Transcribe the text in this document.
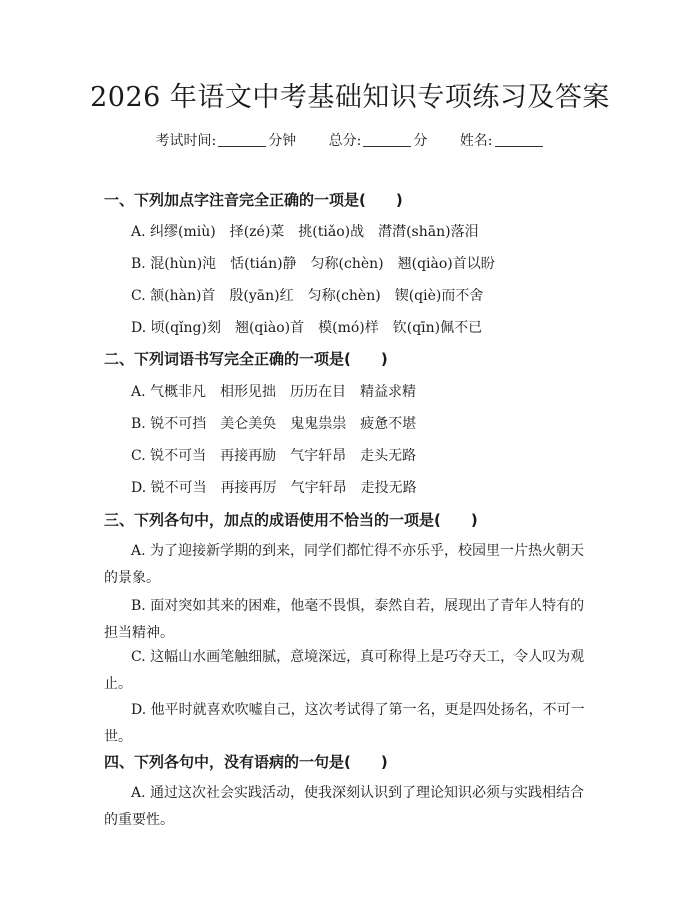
2026 年语文中考基础知识专项练习及答案
考试时间:	分钟 总分:	分 姓名:
一、下列加点字注音完全正确的一项是(　　)
A. 纠缪(miù)　择(zé)菜　挑(tiǎo)战　潸潸(shān)落泪
B. 混(hùn)沌　恬(tián)静　匀称(chèn)　翘(qiào)首以盼
C. 颔(hàn)首　殷(yān)红　匀称(chèn)　锲(qiè)而不舍
D. 顷(qǐng)刻　翘(qiào)首　模(mó)样　钦(qīn)佩不已
二、下列词语书写完全正确的一项是(　　)
A. 气概非凡　相形见拙　历历在目　精益求精
B. 锐不可挡　美仑美奂　鬼鬼祟祟　疲惫不堪
C. 锐不可当　再接再励　气宇轩昂　走头无路
D. 锐不可当　再接再厉　气宇轩昂　走投无路
三、下列各句中，加点的成语使用不恰当的一项是(　　)
A. 为了迎接新学期的到来，同学们都忙得不亦乐乎，校园里一片热火朝天的景象。
B. 面对突如其来的困难，他毫不畏惧，泰然自若，展现出了青年人特有的担当精神。
C. 这幅山水画笔触细腻，意境深远，真可称得上是巧夺天工，令人叹为观止。
D. 他平时就喜欢吹嘘自己，这次考试得了第一名，更是四处扬名，不可一世。
四、下列各句中，没有语病的一句是(　　)
A. 通过这次社会实践活动，使我深刻认识到了理论知识必须与实践相结合的重要性。
